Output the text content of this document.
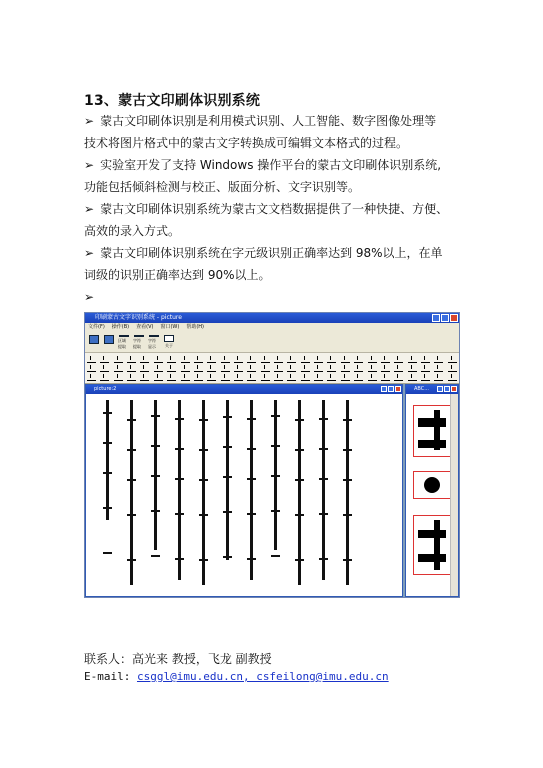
13、蒙古文印刷体识别系统
➢ 蒙古文印刷体识别是利用模式识别、人工智能、数字图像处理等
技术将图片格式中的蒙古文字转换成可编辑文本格式的过程。
➢ 实验室开发了支持 Windows 操作平台的蒙古文印刷体识别系统,
功能包括倾斜检测与校正、版面分析、文字识别等。
➢ 蒙古文印刷体识别系统为蒙古文文档数据提供了一种快捷、方便、
高效的录入方式。
➢ 蒙古文印刷体识别系统在字元级识别正确率达到 98%以上，在单
词级的识别正确率达到 90%以上。
➢
印刷蒙古文字识别系统 - picture
文件(F) 操作(B) 查看(V) 窗口(W) 帮助(H)
区域 提取
字符 提取
字符 显示	关于
picture:2	ABC...
联系人：高光来 教授，飞龙 副教授
E-mail: csggl@imu.edu.cn, csfeilong@imu.edu.cn
